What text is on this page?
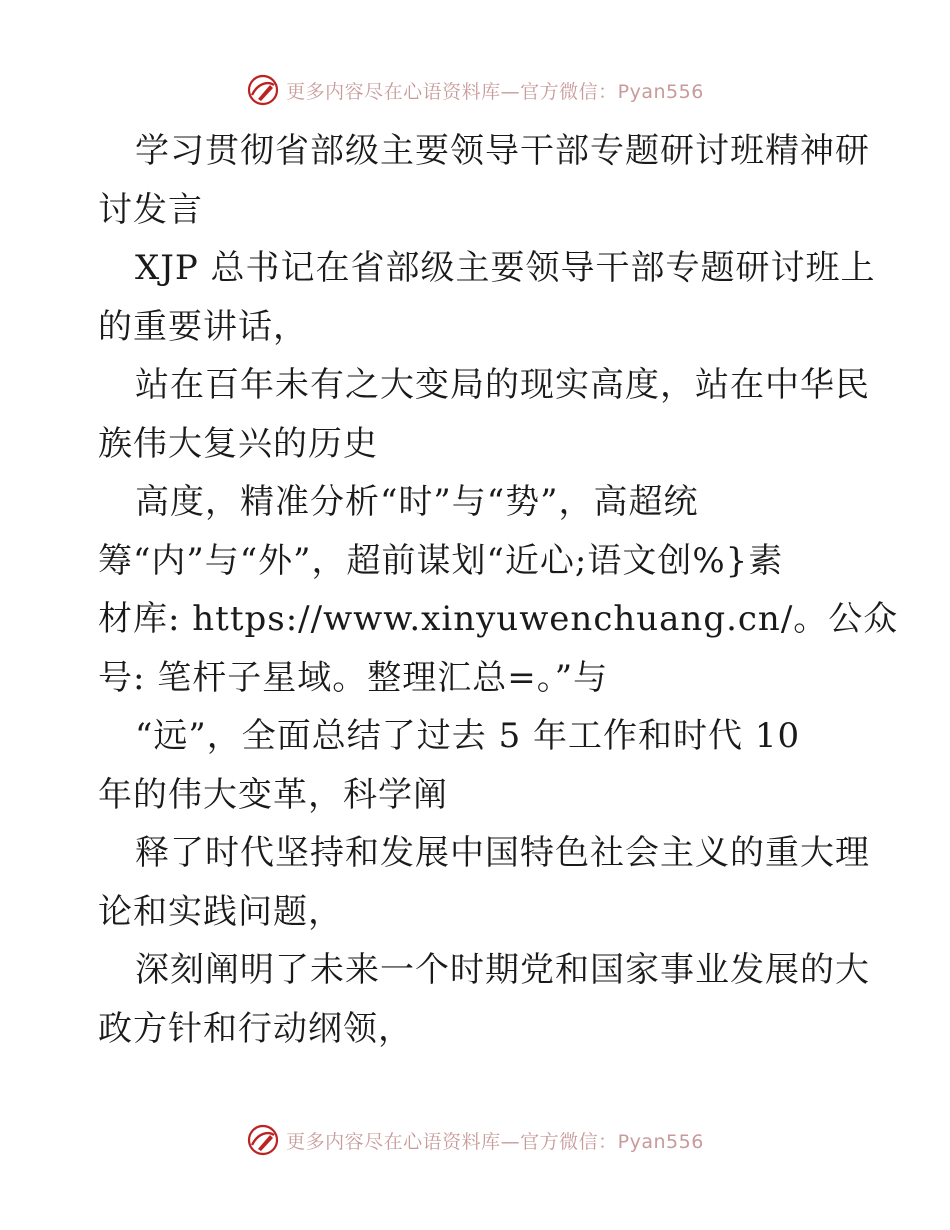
更多内容尽在心语资料库—官方微信：Pyan556
学习贯彻省部级主要领导干部专题研讨班精神研
讨发言
XJP 总书记在省部级主要领导干部专题研讨班上
的重要讲话，
站在百年未有之大变局的现实高度，站在中华民
族伟大复兴的历史
高度，精准分析“时”与“势”，高超统
筹“内”与“外”，超前谋划“近心;语文创%}素
材库: https://www.xinyuwenchuang.cn/。公众
号: 笔杆子星域。整理汇总=。”与
“远”，全面总结了过去 5 年工作和时代 10
年的伟大变革，科学阐
释了时代坚持和发展中国特色社会主义的重大理
论和实践问题，
深刻阐明了未来一个时期党和国家事业发展的大
政方针和行动纲领，
更多内容尽在心语资料库—官方微信：Pyan556
